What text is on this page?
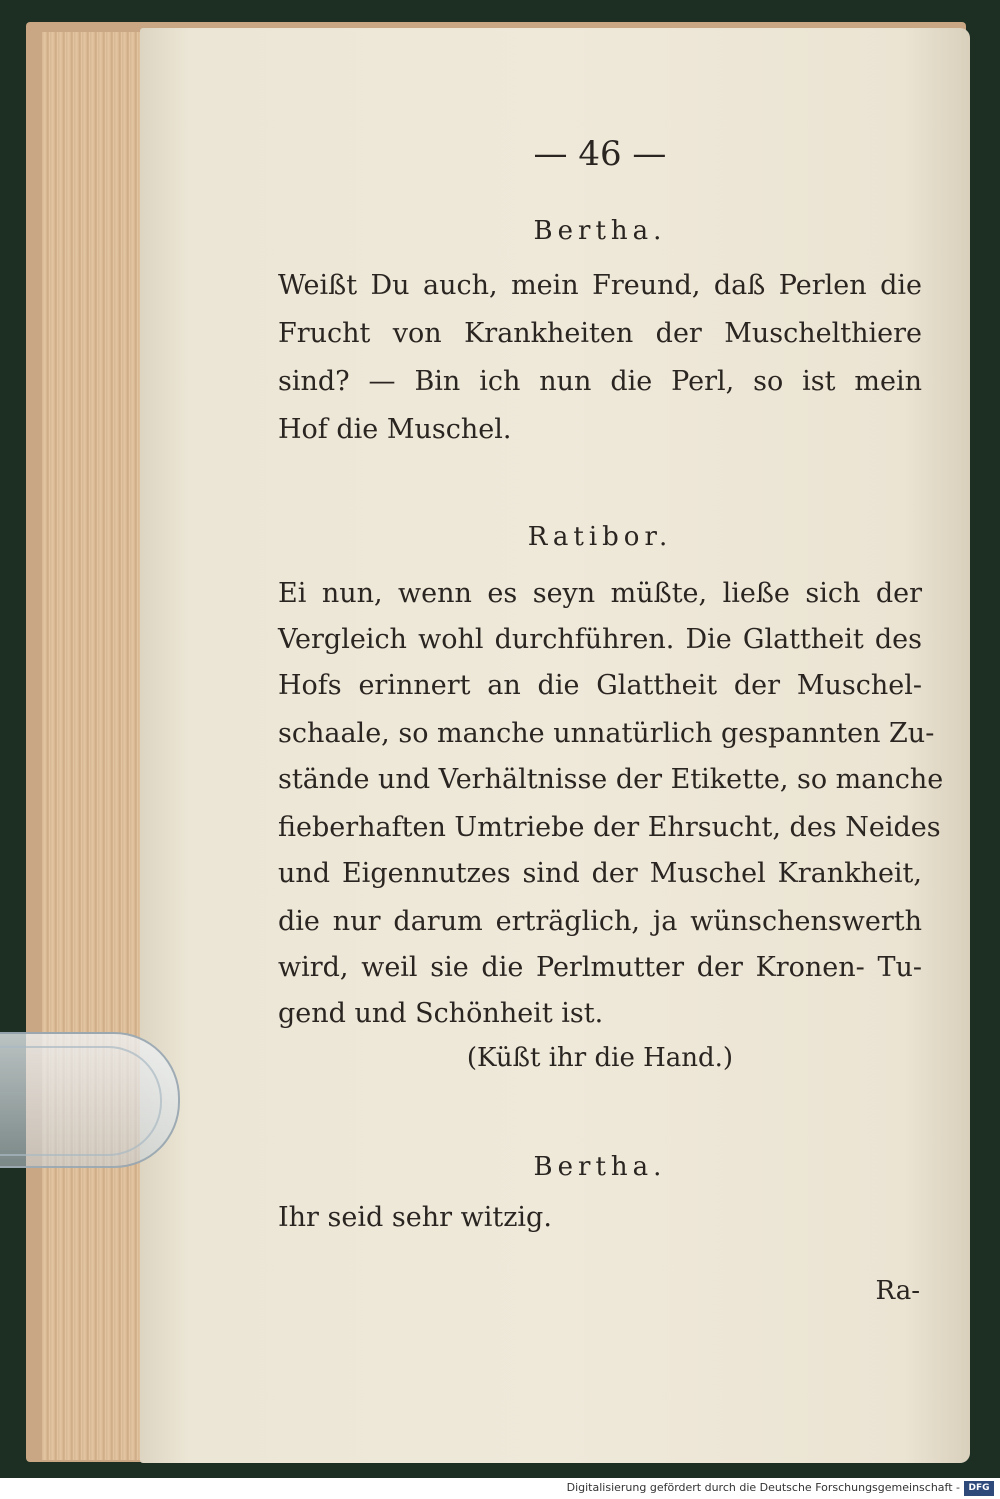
— 46 —
Bertha.
Weißt Du auch, mein Freund, daß Perlen die
Frucht von Krankheiten der Muschelthiere
sind? — Bin ich nun die Perl, so ist mein
Hof die Muschel.
Ratibor.
Ei nun, wenn es seyn müßte, ließe sich der
Vergleich wohl durchführen. Die Glattheit des
Hofs erinnert an die Glattheit der Muschel-
schaale, so manche unnatürlich gespannten Zu-
stände und Verhältnisse der Etikette, so manche
fieberhaften Umtriebe der Ehrsucht, des Neides
und Eigennutzes sind der Muschel Krankheit,
die nur darum erträglich, ja wünschenswerth
wird, weil sie die Perlmutter der Kronen- Tu-
gend und Schönheit ist.
(Küßt ihr die Hand.)
Bertha.
Ihr seid sehr witzig.
Ra-
Digitalisierung gefördert durch die Deutsche Forschungsgemeinschaft - DFG
